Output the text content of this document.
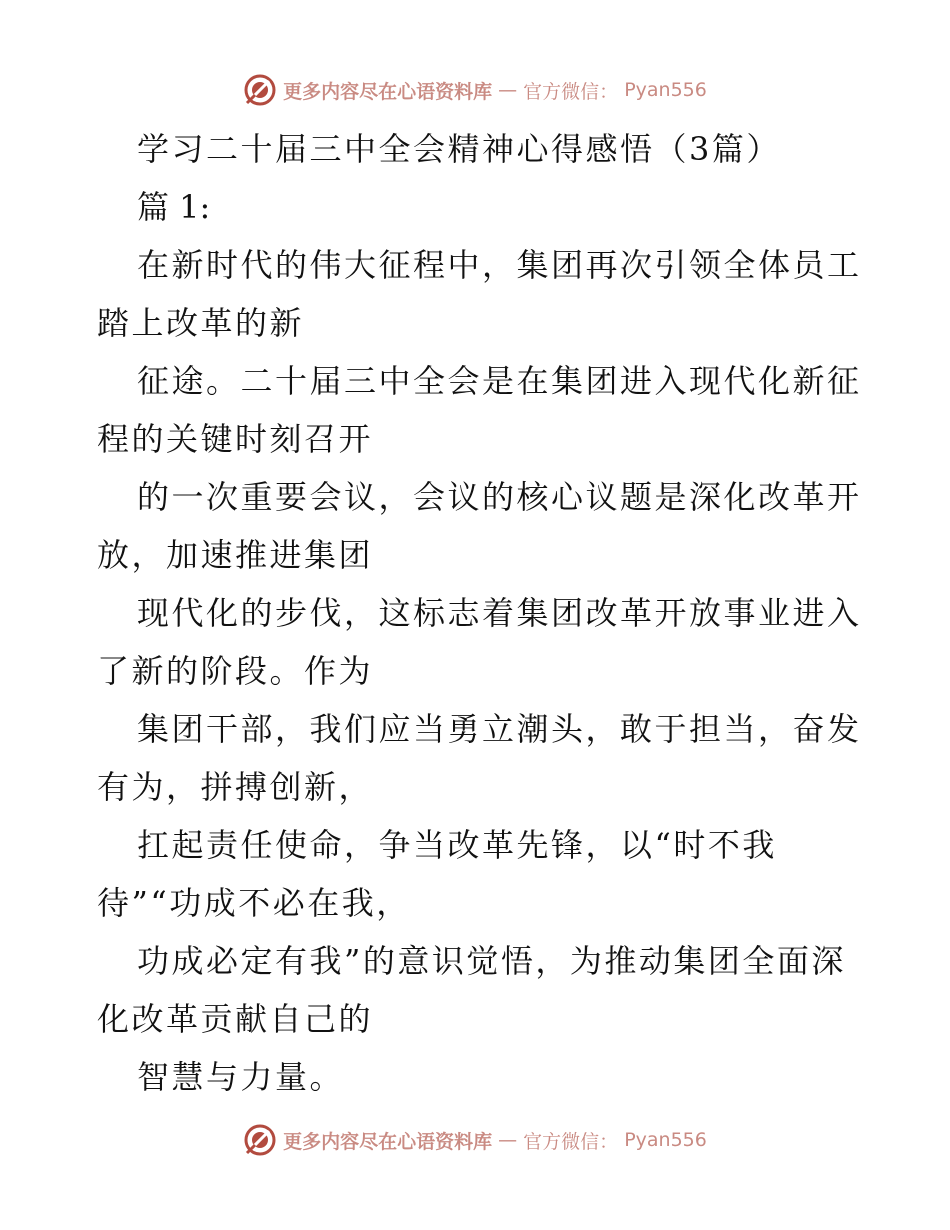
更多内容尽在心语资料库 — 官方微信： Pyan556

学习二十届三中全会精神心得感悟（3篇）

篇 1:

在新时代的伟大征程中，集团再次引领全体员工

踏上改革的新

征途。二十届三中全会是在集团进入现代化新征

程的关键时刻召开

的一次重要会议，会议的核心议题是深化改革开

放，加速推进集团

现代化的步伐，这标志着集团改革开放事业进入

了新的阶段。作为

集团干部，我们应当勇立潮头，敢于担当，奋发

有为，拼搏创新，

扛起责任使命，争当改革先锋，以“时不我

待”“功成不必在我，

功成必定有我”的意识觉悟，为推动集团全面深

化改革贡献自己的

智慧与力量。

更多内容尽在心语资料库 — 官方微信： Pyan556
